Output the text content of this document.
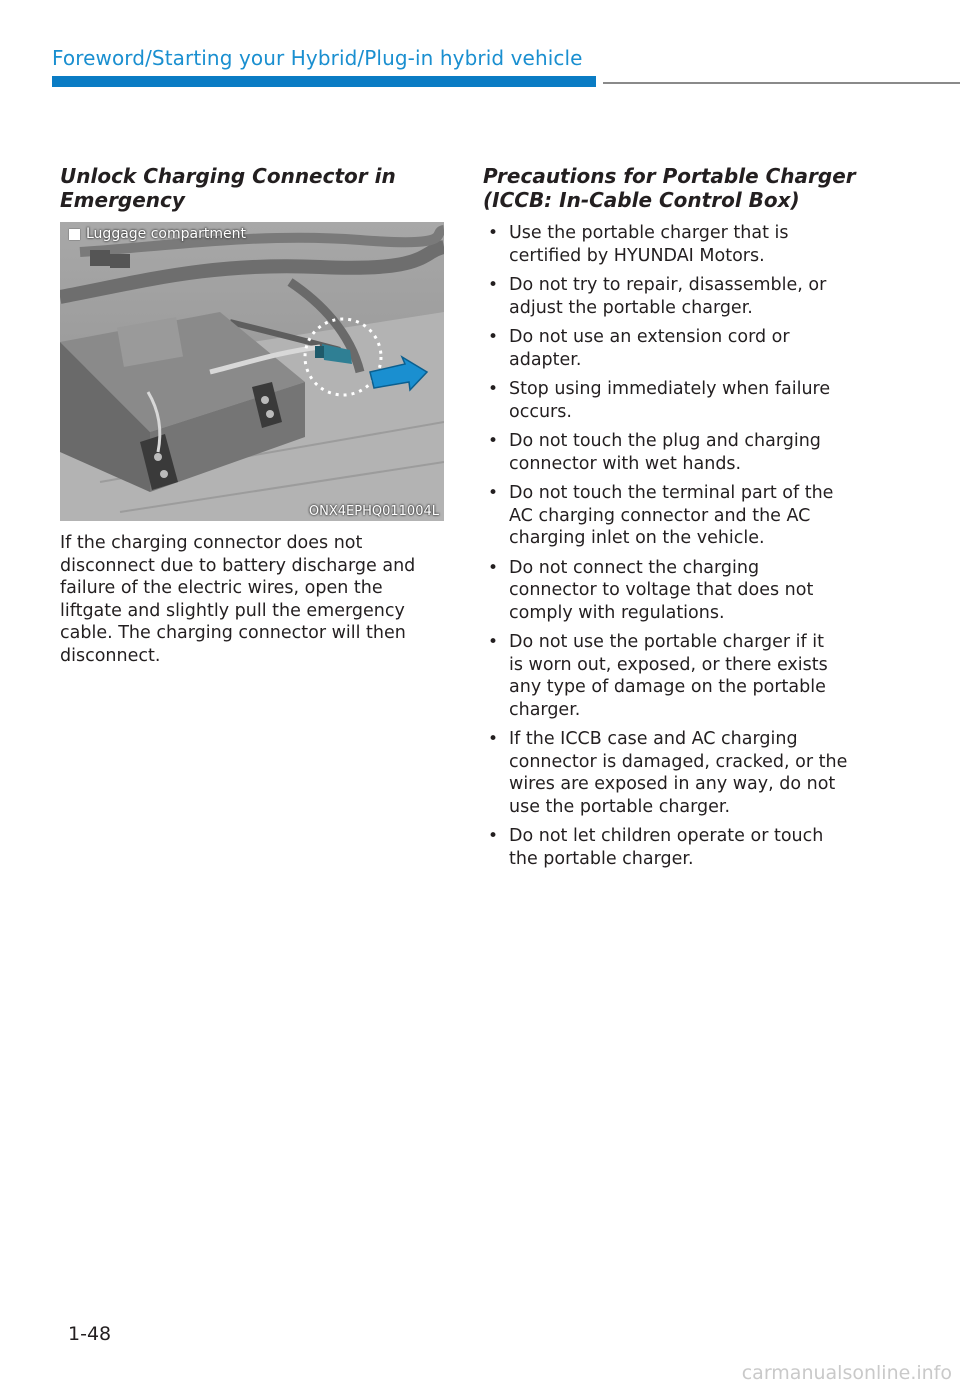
Foreword/Starting your Hybrid/Plug-in hybrid vehicle
Unlock Charging Connector in
Emergency
Luggage compartment
ONX4EPHQ011004L

If the charging connector does not
disconnect due to battery discharge and
failure of the electric wires, open the
liftgate and slightly pull the emergency
cable. The charging connector will then
disconnect.

Precautions for Portable Charger
(ICCB: In-Cable Control Box)
• Use the portable charger that is
certified by HYUNDAI Motors.
• Do not try to repair, disassemble, or
adjust the portable charger.
• Do not use an extension cord or
adapter.
• Stop using immediately when failure
occurs.
• Do not touch the plug and charging
connector with wet hands.
• Do not touch the terminal part of the
AC charging connector and the AC
charging inlet on the vehicle.
• Do not connect the charging
connector to voltage that does not
comply with regulations.
• Do not use the portable charger if it
is worn out, exposed, or there exists
any type of damage on the portable
charger.
• If the ICCB case and AC charging
connector is damaged, cracked, or the
wires are exposed in any way, do not
use the portable charger.
• Do not let children operate or touch
the portable charger.
1-48
carmanualsonline.info
